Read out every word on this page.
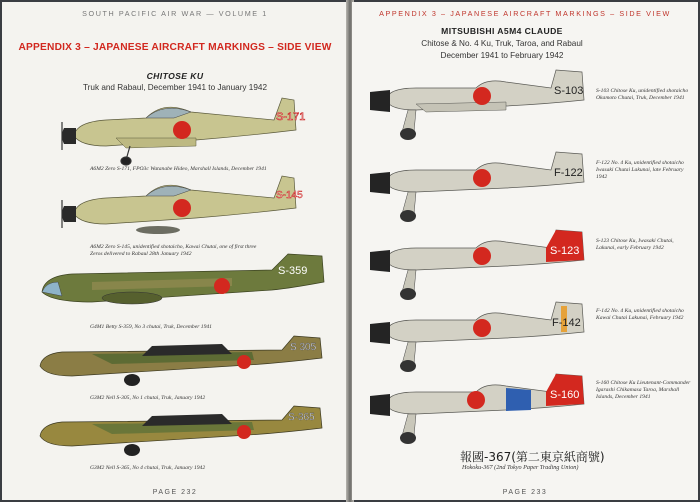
SOUTH PACIFIC AIR WAR — VOLUME 1
APPENDIX 3 – JAPANESE AIRCRAFT MARKINGS – SIDE VIEW
CHITOSE KU
Truk and Rabaul, December 1941 to January 1942
S-171
A6M2 Zero S-171, FPO3c Watanabe Hideo, Marshall Islands, December 1941
S-145
A6M2 Zero S-145, unidentified shotaicho, Kawai Chutai, one of first three Zeros delivered to Rabaul 28th January 1942
S-359
G4M1 Betty S-359, No 3 chutai, Truk, December 1941
S 305
G3M2 Nell S-305, No 1 chutai, Truk, January 1942
S-365
G3M2 Nell S-365, No 4 chutai, Truk, January 1942
PAGE 232
APPENDIX 3 – JAPANESE AIRCRAFT MARKINGS – SIDE VIEW
MITSUBISHI A5M4 CLAUDE
Chitose & No. 4 Ku, Truk, Taroa, and Rabaul
December 1941 to February 1942
S-103 S-103 Chitose Ku, unidentified shotaicho Okamoto Chutai, Truk, December 1941
F-122
F-122 No. 4 Ku, unidentified shotaicho Iwasaki Chutai Lakunai, late February 1942
S-123
S-123 Chitose Ku, Iwasaki Chutai, Lakunai, early February 1942
F-142
F-142 No. 4 Ku, unidentified shotaicho Kawai Chutai Lakunai, February 1942
S-160
S-160 Chitose Ku Lieutenant-Commander Igarashi Chikamasa Taroa, Marshall Islands, December 1941
報國-367(第二東京紙商號)
Hokoku-367 (2nd Tokyo Paper Trading Union)
PAGE 233
